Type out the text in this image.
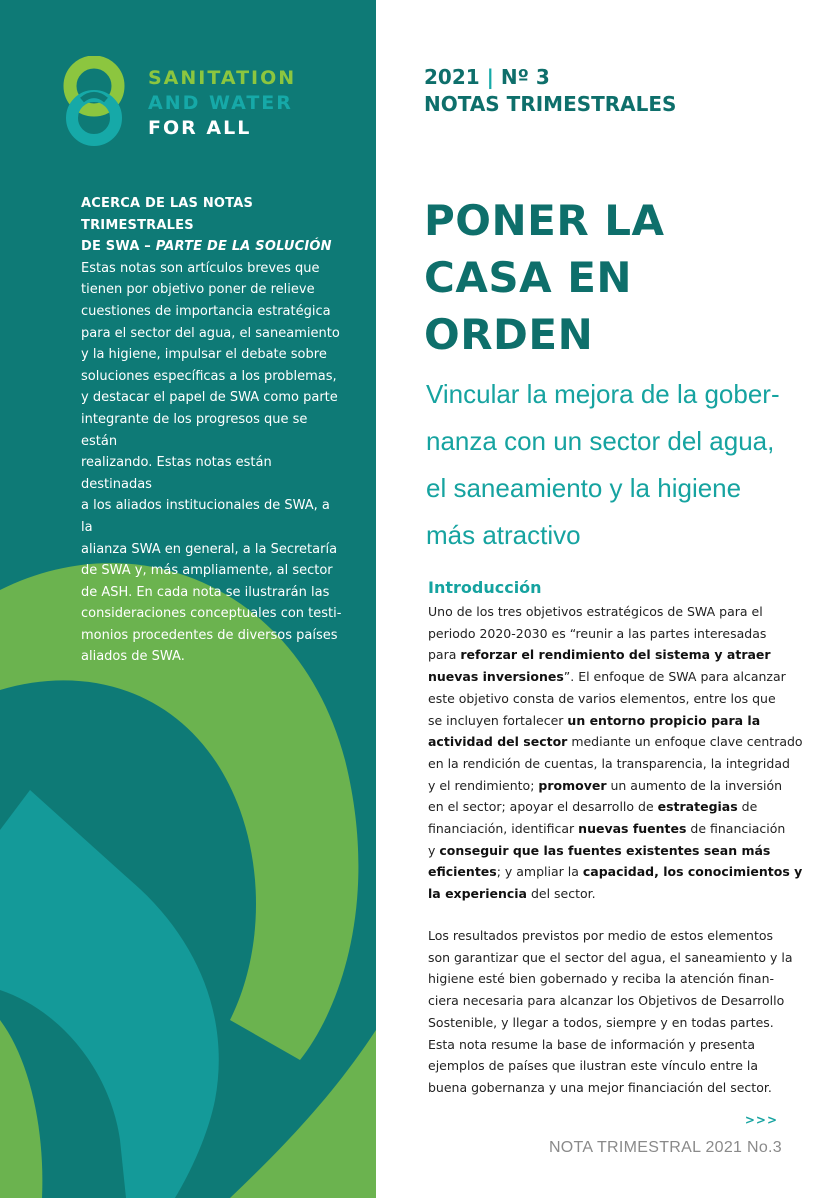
SANITATION
AND WATER
FOR ALL
ACERCA DE LAS NOTAS TRIMESTRALES
DE SWA – PARTE DE LA SOLUCIÓN
Estas notas son artículos breves que
tienen por objetivo poner de relieve
cuestiones de importancia estratégica
para el sector del agua, el saneamiento
y la higiene, impulsar el debate sobre
soluciones específicas a los problemas,
y destacar el papel de SWA como parte
integrante de los progresos que se están
realizando. Estas notas están destinadas
a los aliados institucionales de SWA, a la
alianza SWA en general, a la Secretaría
de SWA y, más ampliamente, al sector
de ASH. En cada nota se ilustrarán las
consideraciones conceptuales con testi-
monios procedentes de diversos países
aliados de SWA.
2021 | Nº 3
NOTAS TRIMESTRALES
PONER LA
CASA EN
ORDEN
Vincular la mejora de la gober-
nanza con un sector del agua,
el saneamiento y la higiene
más atractivo
Introducción
Uno de los tres objetivos estratégicos de SWA para el
periodo 2020-2030 es “reunir a las partes interesadas
para reforzar el rendimiento del sistema y atraer
nuevas inversiones”. El enfoque de SWA para alcanzar
este objetivo consta de varios elementos, entre los que
se incluyen fortalecer un entorno propicio para la
actividad del sector mediante un enfoque clave centrado
en la rendición de cuentas, la transparencia, la integridad
y el rendimiento; promover un aumento de la inversión
en el sector; apoyar el desarrollo de estrategias de
financiación, identificar nuevas fuentes de financiación
y conseguir que las fuentes existentes sean más
eficientes; y ampliar la capacidad, los conocimientos y
la experiencia del sector.
Los resultados previstos por medio de estos elementos
son garantizar que el sector del agua, el saneamiento y la
higiene esté bien gobernado y reciba la atención finan-
ciera necesaria para alcanzar los Objetivos de Desarrollo
Sostenible, y llegar a todos, siempre y en todas partes.
Esta nota resume la base de información y presenta
ejemplos de países que ilustran este vínculo entre la
buena gobernanza y una mejor financiación del sector.
>>>
NOTA TRIMESTRAL 2021 No.3
